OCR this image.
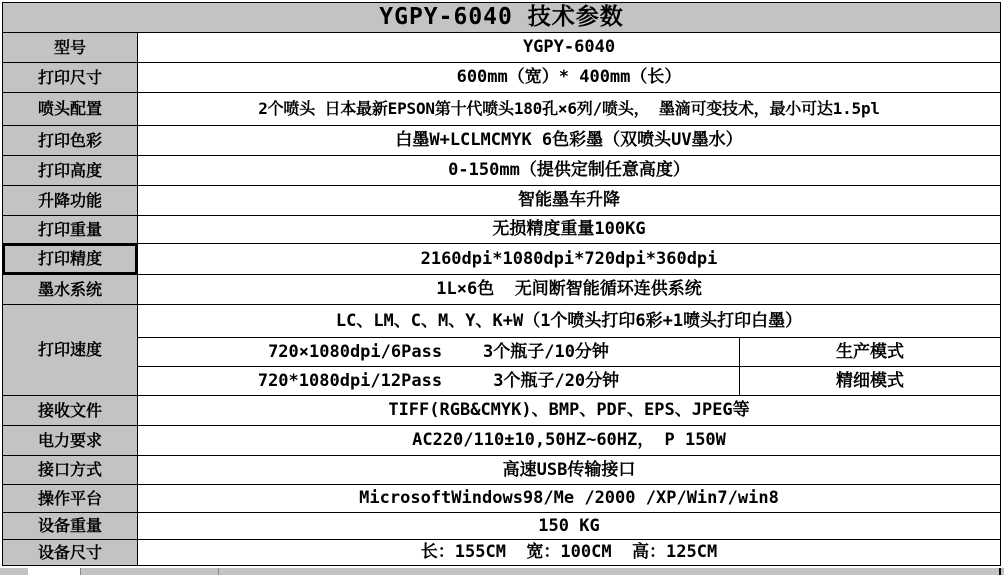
YGPY-6040 技术参数
型号	YGPY-6040
打印尺寸	600mm（宽）* 400mm（长）
喷头配置	2个喷头 日本最新EPSON第十代喷头180孔×6列/喷头， 墨滴可变技术，最小可达1.5pl
打印色彩	白墨W+LCLMCMYK 6色彩墨（双喷头UV墨水）
打印高度	0-150mm（提供定制任意高度）
升降功能	智能墨车升降
打印重量	无损精度重量100KG
打印精度	2160dpi*1080dpi*720dpi*360dpi
墨水系统	1L×6色  无间断智能循环连供系统
打印速度
LC、LM、C、M、Y、K+W（1个喷头打印6彩+1喷头打印白墨）
720×1080dpi/6Pass    3个瓶子/10分钟	生产模式
720*1080dpi/12Pass     3个瓶子/20分钟	精细模式
接收文件	TIFF(RGB&CMYK)、BMP、PDF、EPS、JPEG等
电力要求	AC220/110±10,50HZ~60HZ， P 150W
接口方式	高速USB传输接口
操作平台	MicrosoftWindows98/Me /2000 /XP/Win7/win8
设备重量	150 KG
设备尺寸	长：155CM  宽：100CM  高：125CM
